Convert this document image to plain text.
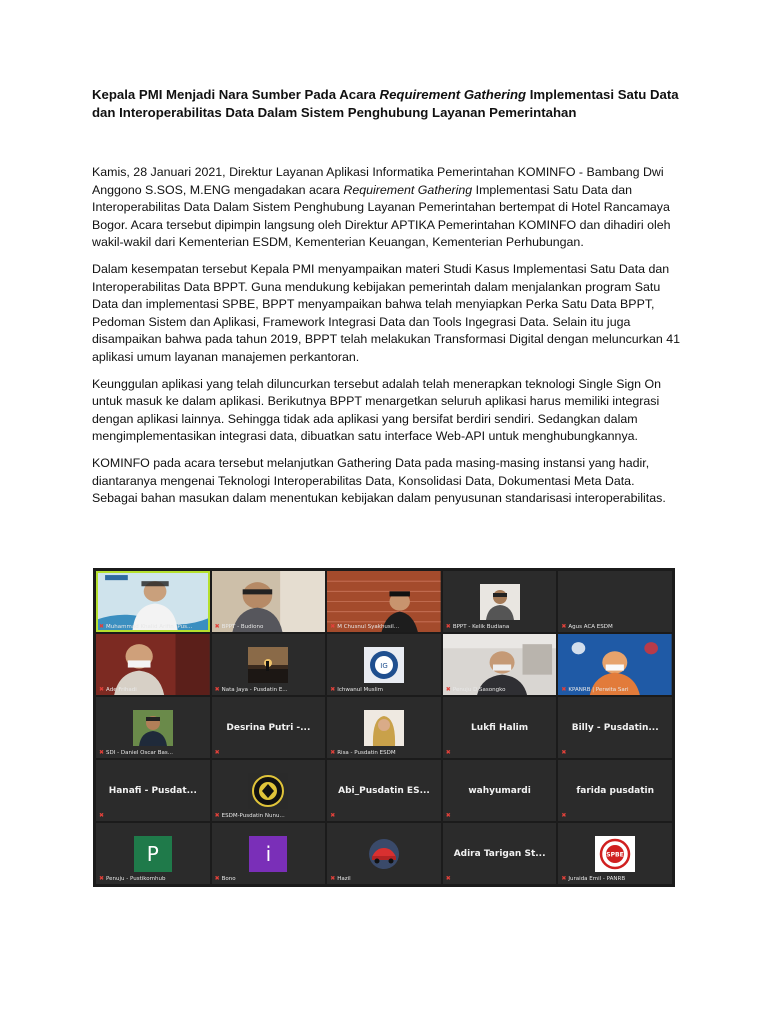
Kepala PMI Menjadi Nara Sumber Pada Acara Requirement Gathering Implementasi Satu Data dan Interoperabilitas Data Dalam Sistem Penghubung Layanan Pemerintahan

Kamis, 28 Januari 2021, Direktur Layanan Aplikasi Informatika Pemerintahan KOMINFO - Bambang Dwi Anggono S.SOS, M.ENG mengadakan acara Requirement Gathering Implementasi Satu Data dan Interoperabilitas Data Dalam Sistem Penghubung Layanan Pemerintahan bertempat di Hotel Rancamaya Bogor. Acara tersebut dipimpin langsung oleh Direktur APTIKA Pemerintahan KOMINFO dan dihadiri oleh wakil-wakil dari Kementerian ESDM, Kementerian Keuangan, Kementerian Perhubungan.

Dalam kesempatan tersebut Kepala PMI menyampaikan materi Studi Kasus Implementasi Satu Data dan Interoperabilitas Data BPPT. Guna mendukung kebijakan pemerintah dalam menjalankan program Satu Data dan implementasi SPBE, BPPT menyampaikan bahwa telah menyiapkan Perka Satu Data BPPT, Pedoman Sistem dan Aplikasi, Framework Integrasi Data dan Tools Ingegrasi Data. Selain itu juga disampaikan bahwa pada tahun 2019, BPPT telah melakukan Transformasi Digital dengan meluncurkan 41 aplikasi umum layanan manajemen perkantoran.

Keunggulan aplikasi yang telah diluncurkan tersebut adalah telah menerapkan teknologi Single Sign On untuk masuk ke dalam aplikasi. Berikutnya BPPT menargetkan seluruh aplikasi harus memiliki integrasi dengan aplikasi lainnya. Sehingga tidak ada aplikasi yang bersifat berdiri sendiri. Sedangkan dalam mengimplementasikan integrasi data, dibuatkan satu interface Web-API untuk menghubungkannya.

KOMINFO pada acara tersebut melanjutkan Gathering Data pada masing-masing instansi yang hadir, diantaranya mengenai Teknologi Interoperabilitas Data, Konsolidasi Data, Dokumentasi Meta Data. Sebagai bahan masukan dalam menentukan kebijakan dalam penyusunan standarisasi interoperabilitas.

✖ Muhammad Khalid Arifin -Pus...	✖ BPPT - Budiono	✖ M Chusnul Syakhusil...	✖ BPPT - Kelik Budiana	✖ Agus ACA ESDM
✖ Ade Frihadi	✖ Nata Jaya - Pusdatin E...
IG
✖ Ichwanul Muslim	✖ Penuju D Sasongko	✖ KPANRB | Perwita Sari
✖ SDI - Daniel Oscar Bas...
Desrina Putri -...
✖	✖ Risa - Pusdatin ESDM
Lukfi Halim
✖
Billy - Pusdatin...
✖
Hanafi - Pusdat...
✖	✖ ESDM-Pusdatin Nunu...
Abi_Pusdatin ES...
✖
wahyumardi
✖
farida pusdatin
✖
P
✖ Penuju - Pustikomhub
i
✖ Bono	✖ Hazil
Adira Tarigan St...
✖
SPBE
✖ Juraida Emil - PANRB
